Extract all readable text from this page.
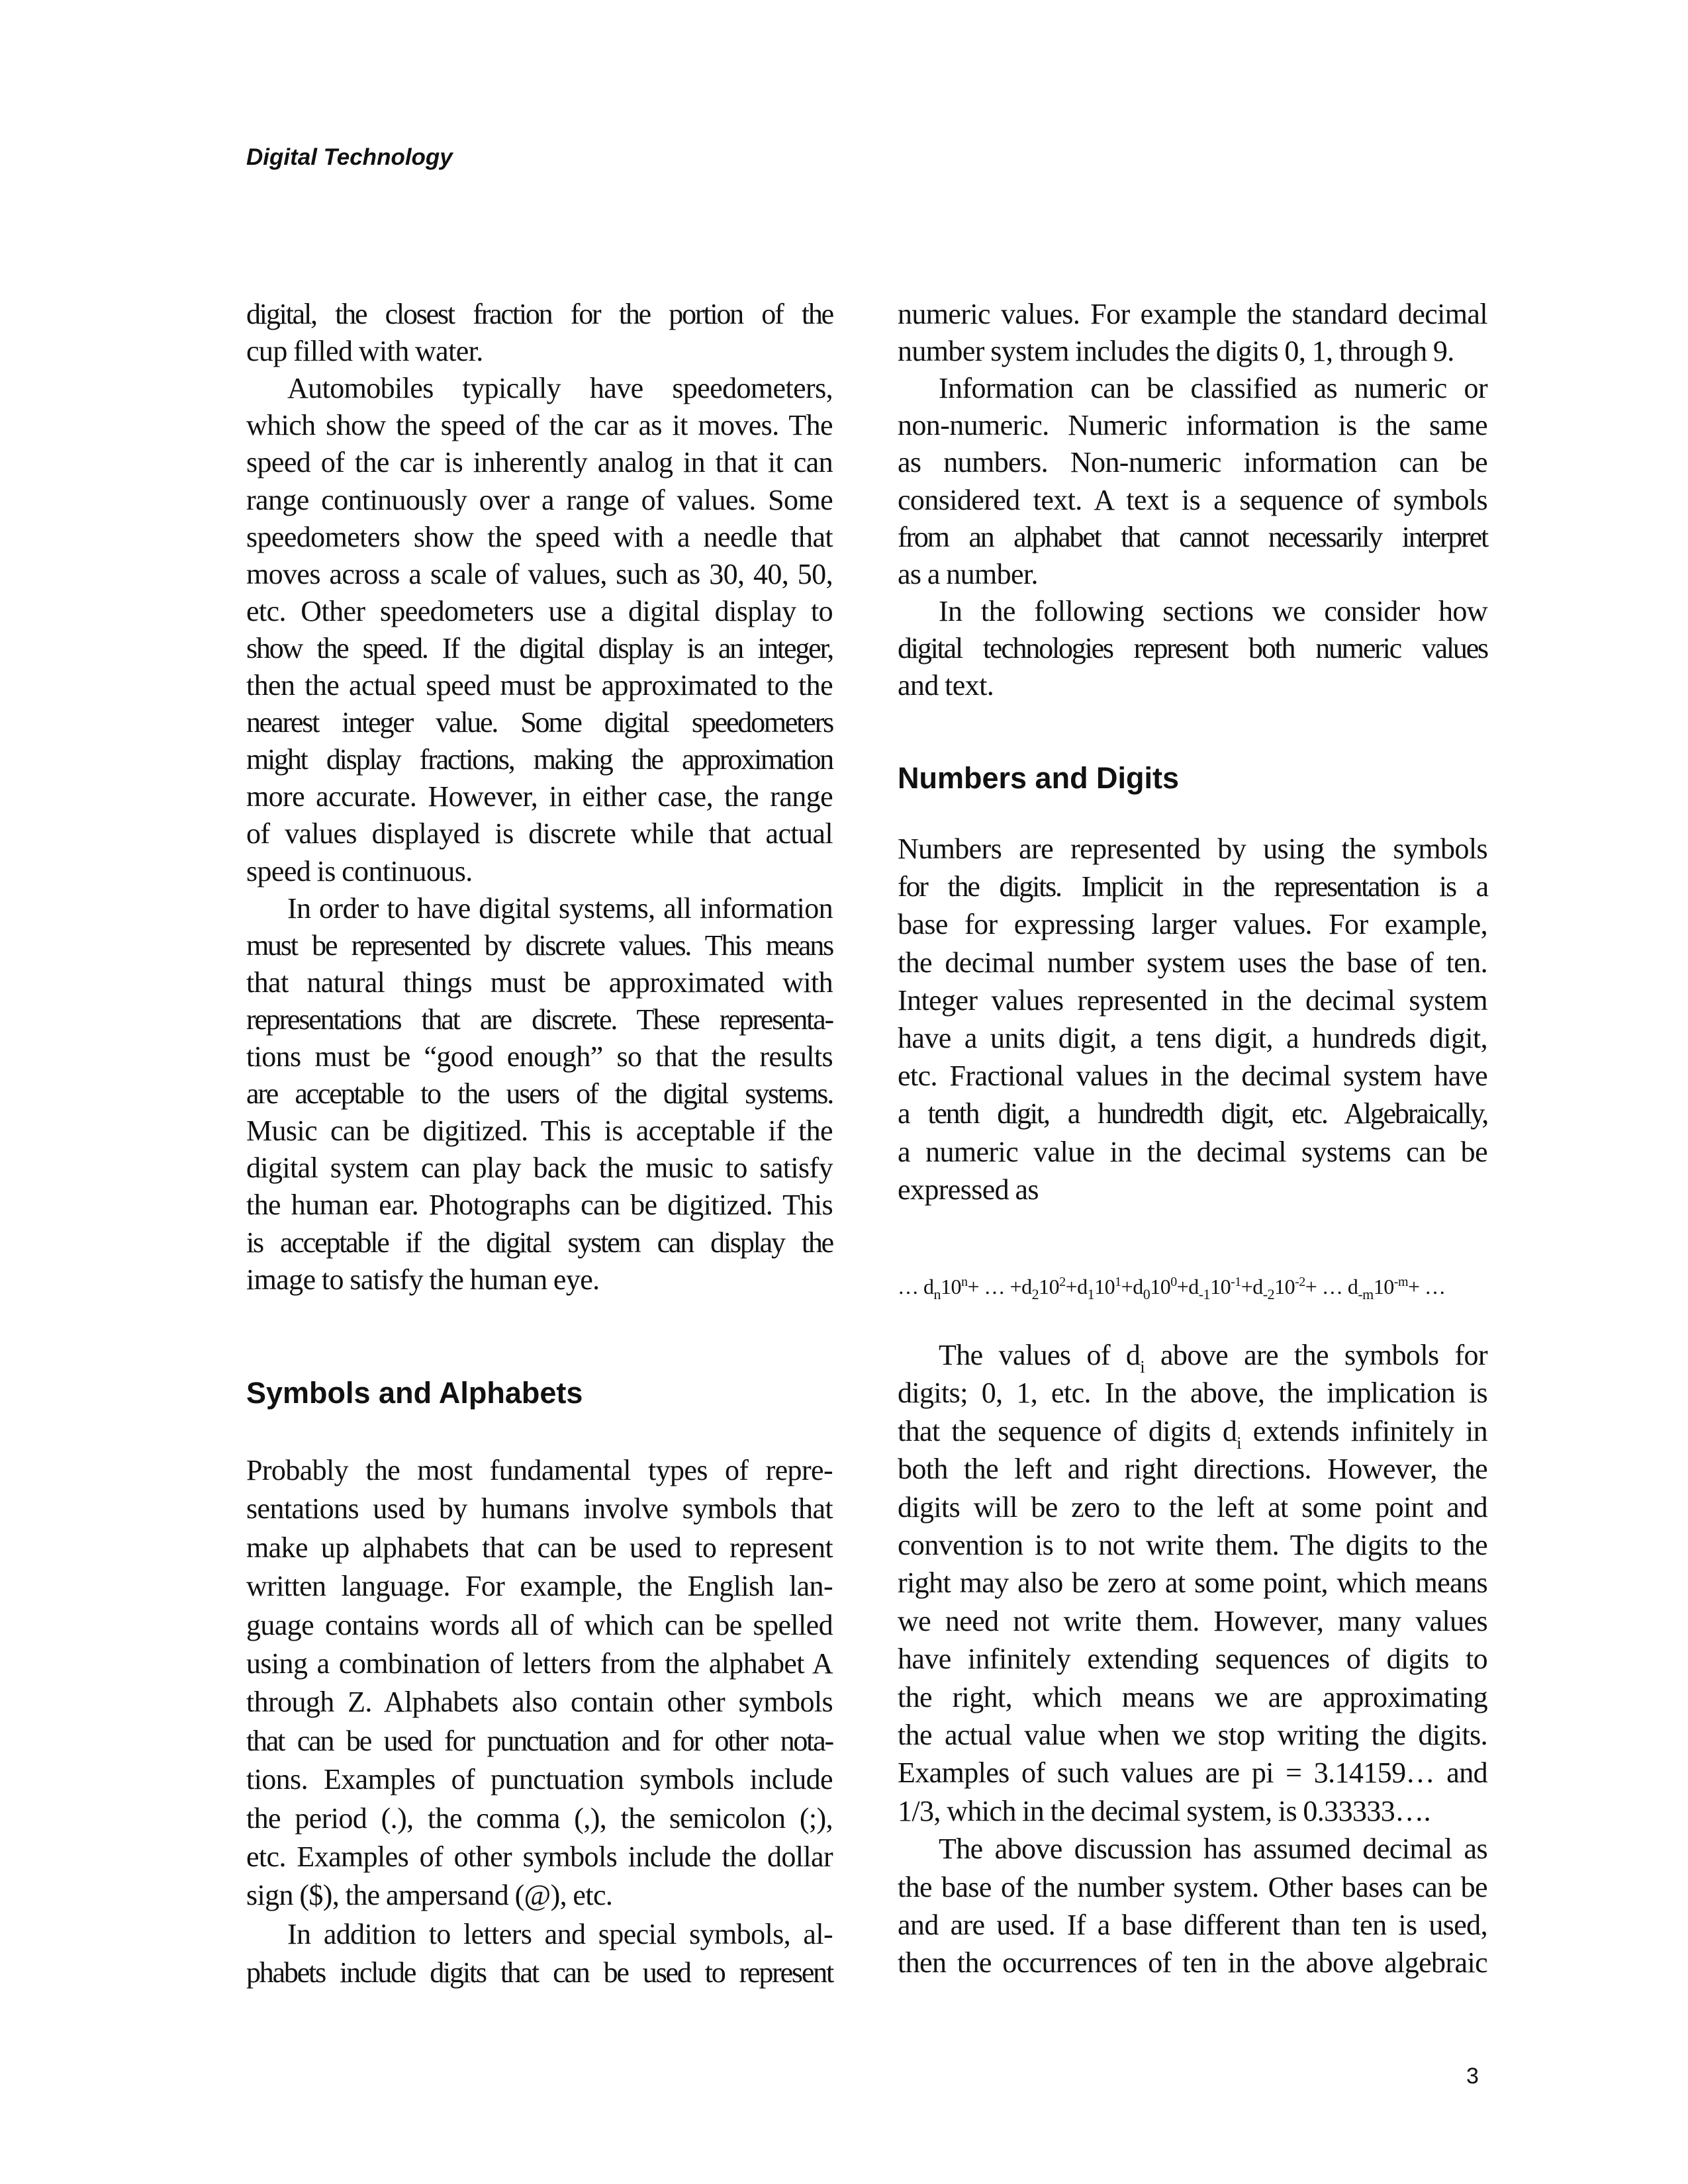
Digital Technology
digital, the closest fraction for the portion of the
cup filled with water.
Automobiles typically have speedometers,
which show the speed of the car as it moves. The
speed of the car is inherently analog in that it can
range continuously over a range of values. Some
speedometers show the speed with a needle that
moves across a scale of values, such as 30, 40, 50,
etc. Other speedometers use a digital display to
show the speed. If the digital display is an integer,
then the actual speed must be approximated to the
nearest integer value. Some digital speedometers
might display fractions, making the approximation
more accurate. However, in either case, the range
of values displayed is discrete while that actual
speed is continuous.
In order to have digital systems, all information
must be represented by discrete values. This means
that natural things must be approximated with
representations that are discrete. These representa-
tions must be “good enough” so that the results
are acceptable to the users of the digital systems.
Music can be digitized. This is acceptable if the
digital system can play back the music to satisfy
the human ear. Photographs can be digitized. This
is acceptable if the digital system can display the
image to satisfy the human eye.
Symbols and Alphabets
Probably the most fundamental types of repre-
sentations used by humans involve symbols that
make up alphabets that can be used to represent
written language. For example, the English lan-
guage contains words all of which can be spelled
using a combination of letters from the alphabet A
through Z. Alphabets also contain other symbols
that can be used for punctuation and for other nota-
tions. Examples of punctuation symbols include
the period (.), the comma (,), the semicolon (;),
etc. Examples of other symbols include the dollar
sign ($), the ampersand (@), etc.
In addition to letters and special symbols, al-
phabets include digits that can be used to represent
numeric values. For example the standard decimal
number system includes the digits 0, 1, through 9.
Information can be classified as numeric or
non-numeric. Numeric information is the same
as numbers. Non-numeric information can be
considered text. A text is a sequence of symbols
from an alphabet that cannot necessarily interpret
as a number.
In the following sections we consider how
digital technologies represent both numeric values
and text.
Numbers and Digits
Numbers are represented by using the symbols
for the digits. Implicit in the representation is a
base for expressing larger values. For example,
the decimal number system uses the base of ten.
Integer values represented in the decimal system
have a units digit, a tens digit, a hundreds digit,
etc. Fractional values in the decimal system have
a tenth digit, a hundredth digit, etc. Algebraically,
a numeric value in the decimal systems can be
expressed as
… $d_n10^n+$ … $+d_210^2+d_110^1+d_010^0+d_{-1}10^{-1}+d_{-2}10^{-2}+$ … $d_{-m}10^{-m}+$ …
The values of $d_i$ above are the symbols for
digits; 0, 1, etc. In the above, the implication is
that the sequence of digits $d_i$ extends infinitely in
both the left and right directions. However, the
digits will be zero to the left at some point and
convention is to not write them. The digits to the
right may also be zero at some point, which means
we need not write them. However, many values
have infinitely extending sequences of digits to
the right, which means we are approximating
the actual value when we stop writing the digits.
Examples of such values are pi = 3.14159… and
1/3, which in the decimal system, is 0.33333….
The above discussion has assumed decimal as
the base of the number system. Other bases can be
and are used. If a base different than ten is used,
then the occurrences of ten in the above algebraic
3
